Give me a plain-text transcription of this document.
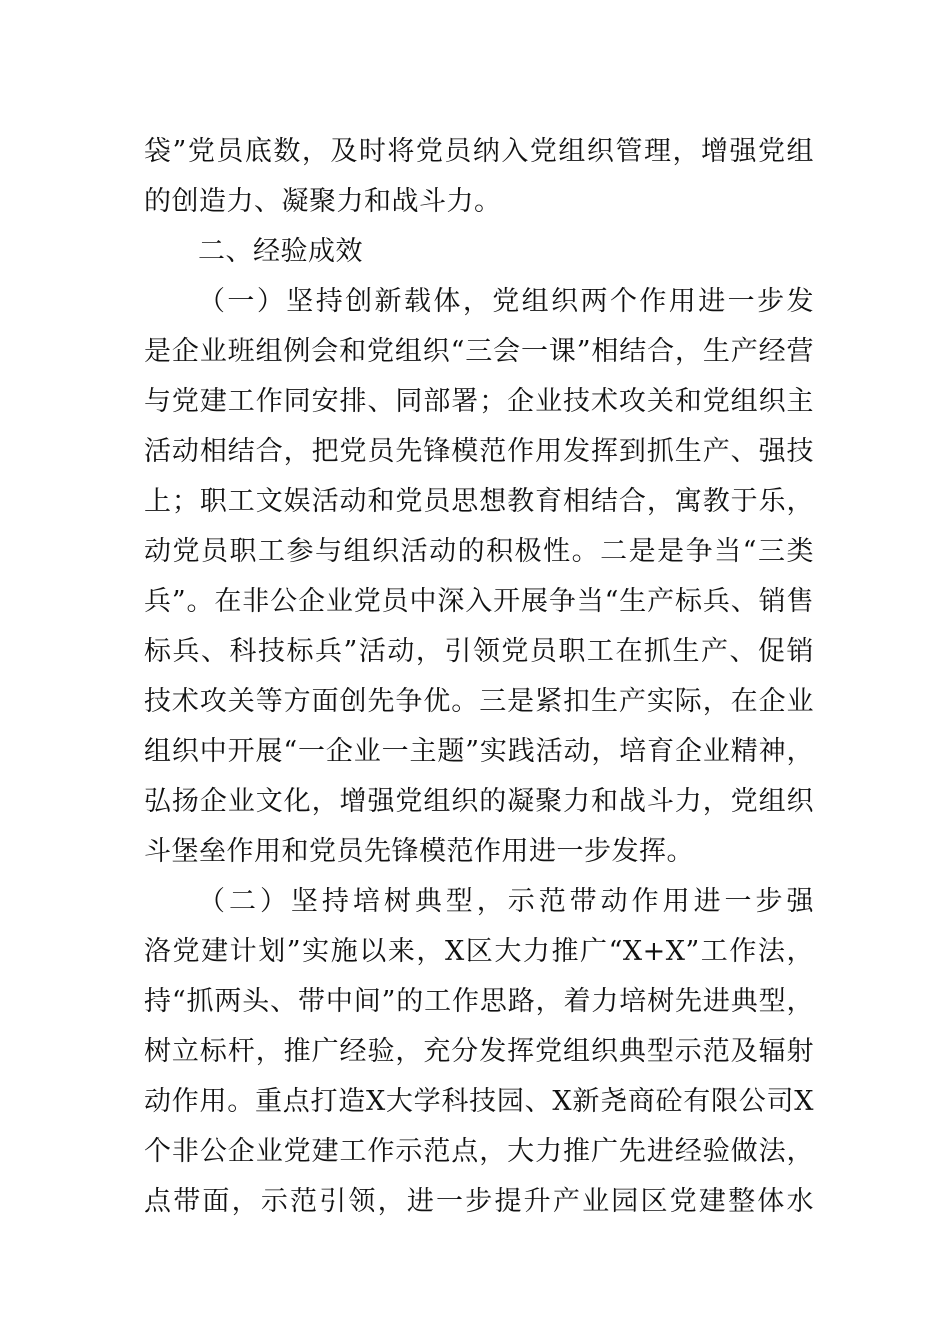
袋”党员底数，及时将党员纳入党组织管理，增强党组
的创造力、凝聚力和战斗力。
二、经验成效
（一）坚持创新载体，党组织两个作用进一步发
是企业班组例会和党组织“三会一课”相结合，生产经营
与党建工作同安排、同部署；企业技术攻关和党组织主
活动相结合，把党员先锋模范作用发挥到抓生产、强技
上；职工文娱活动和党员思想教育相结合，寓教于乐，
动党员职工参与组织活动的积极性。二是是争当“三类
兵”。在非公企业党员中深入开展争当“生产标兵、销售
标兵、科技标兵”活动，引领党员职工在抓生产、促销
技术攻关等方面创先争优。三是紧扣生产实际，在企业
组织中开展“一企业一主题”实践活动，培育企业精神，
弘扬企业文化，增强党组织的凝聚力和战斗力，党组织
斗堡垒作用和党员先锋模范作用进一步发挥。
（二）坚持培树典型，示范带动作用进一步强
洛党建计划”实施以来，X区大力推广“X+X”工作法，
持“抓两头、带中间”的工作思路，着力培树先进典型，
树立标杆，推广经验，充分发挥党组织典型示范及辐射
动作用。重点打造X大学科技园、X新尧商砼有限公司X
个非公企业党建工作示范点，大力推广先进经验做法，
点带面，示范引领，进一步提升产业园区党建整体水
